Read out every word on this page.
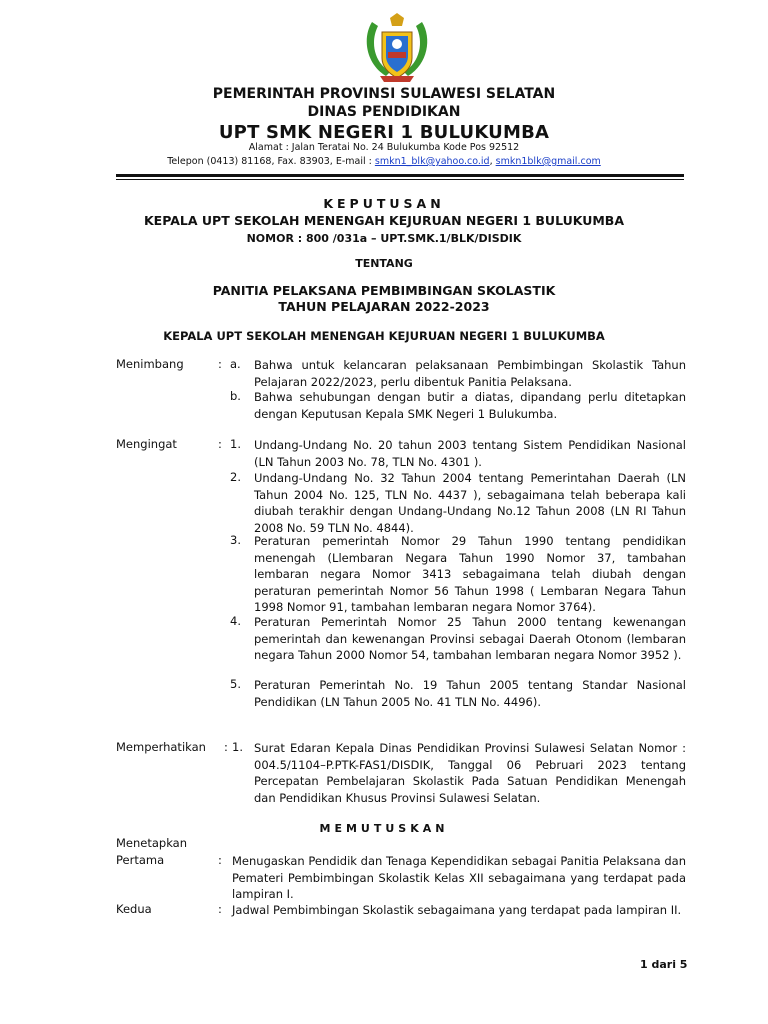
PEMERINTAH PROVINSI SULAWESI SELATAN
DINAS PENDIDIKAN
UPT SMK NEGERI 1 BULUKUMBA
Alamat : Jalan Teratai No. 24 Bulukumba Kode Pos 92512
Telepon (0413) 81168, Fax. 83903, E-mail : smkn1_blk@yahoo.co.id, smkn1blk@gmail.com
KEPUTUSAN
KEPALA UPT SEKOLAH MENENGAH KEJURUAN NEGERI 1 BULUKUMBA
NOMOR : 800 /031a – UPT.SMK.1/BLK/DISDIK
TENTANG
PANITIA PELAKSANA PEMBIMBINGAN SKOLASTIK
TAHUN PELAJARAN 2022-2023
KEPALA UPT SEKOLAH MENENGAH KEJURUAN NEGERI 1 BULUKUMBA
Menimbang	: a. Bahwa untuk kelancaran pelaksanaan Pembimbingan Skolastik Tahun Pelajaran 2022/2023, perlu dibentuk Panitia Pelaksana.
b. Bahwa sehubungan dengan butir a diatas, dipandang perlu ditetapkan dengan Keputusan Kepala SMK Negeri 1 Bulukumba.
Mengingat	: 1. Undang-Undang No. 20 tahun 2003 tentang Sistem Pendidikan Nasional (LN Tahun 2003 No. 78, TLN No. 4301 ).
2. Undang-Undang No. 32 Tahun 2004 tentang Pemerintahan Daerah (LN Tahun 2004 No. 125, TLN No. 4437 ), sebagaimana telah beberapa kali diubah terakhir dengan Undang-Undang No.12 Tahun 2008 (LN RI Tahun 2008 No. 59 TLN No. 4844).
3. Peraturan pemerintah Nomor 29 Tahun 1990 tentang pendidikan menengah (Llembaran Negara Tahun 1990 Nomor 37, tambahan lembaran negara Nomor 3413 sebagaimana telah diubah dengan peraturan pemerintah Nomor 56 Tahun 1998 ( Lembaran Negara Tahun 1998 Nomor 91, tambahan lembaran negara Nomor 3764).
4. Peraturan Pemerintah Nomor 25 Tahun 2000 tentang kewenangan pemerintah dan kewenangan Provinsi sebagai Daerah Otonom (lembaran negara Tahun 2000 Nomor 54, tambahan lembaran negara Nomor 3952 ).
5. Peraturan Pemerintah No. 19 Tahun 2005 tentang Standar Nasional Pendidikan (LN Tahun 2005 No. 41 TLN No. 4496).
Memperhatikan : 1. Surat Edaran Kepala Dinas Pendidikan Provinsi Sulawesi Selatan Nomor : 004.5/1104–P.PTK-FAS1/DISDIK, Tanggal 06 Pebruari 2023 tentang Percepatan Pembelajaran Skolastik Pada Satuan Pendidikan Menengah dan Pendidikan Khusus Provinsi Sulawesi Selatan.
MEMUTUSKAN
Menetapkan
Pertama	: Menugaskan Pendidik dan Tenaga Kependidikan sebagai Panitia Pelaksana dan Pemateri Pembimbingan Skolastik Kelas XII sebagaimana yang terdapat pada lampiran I.
Kedua	: Jadwal Pembimbingan Skolastik sebagaimana yang terdapat pada lampiran II.
1 dari 5
